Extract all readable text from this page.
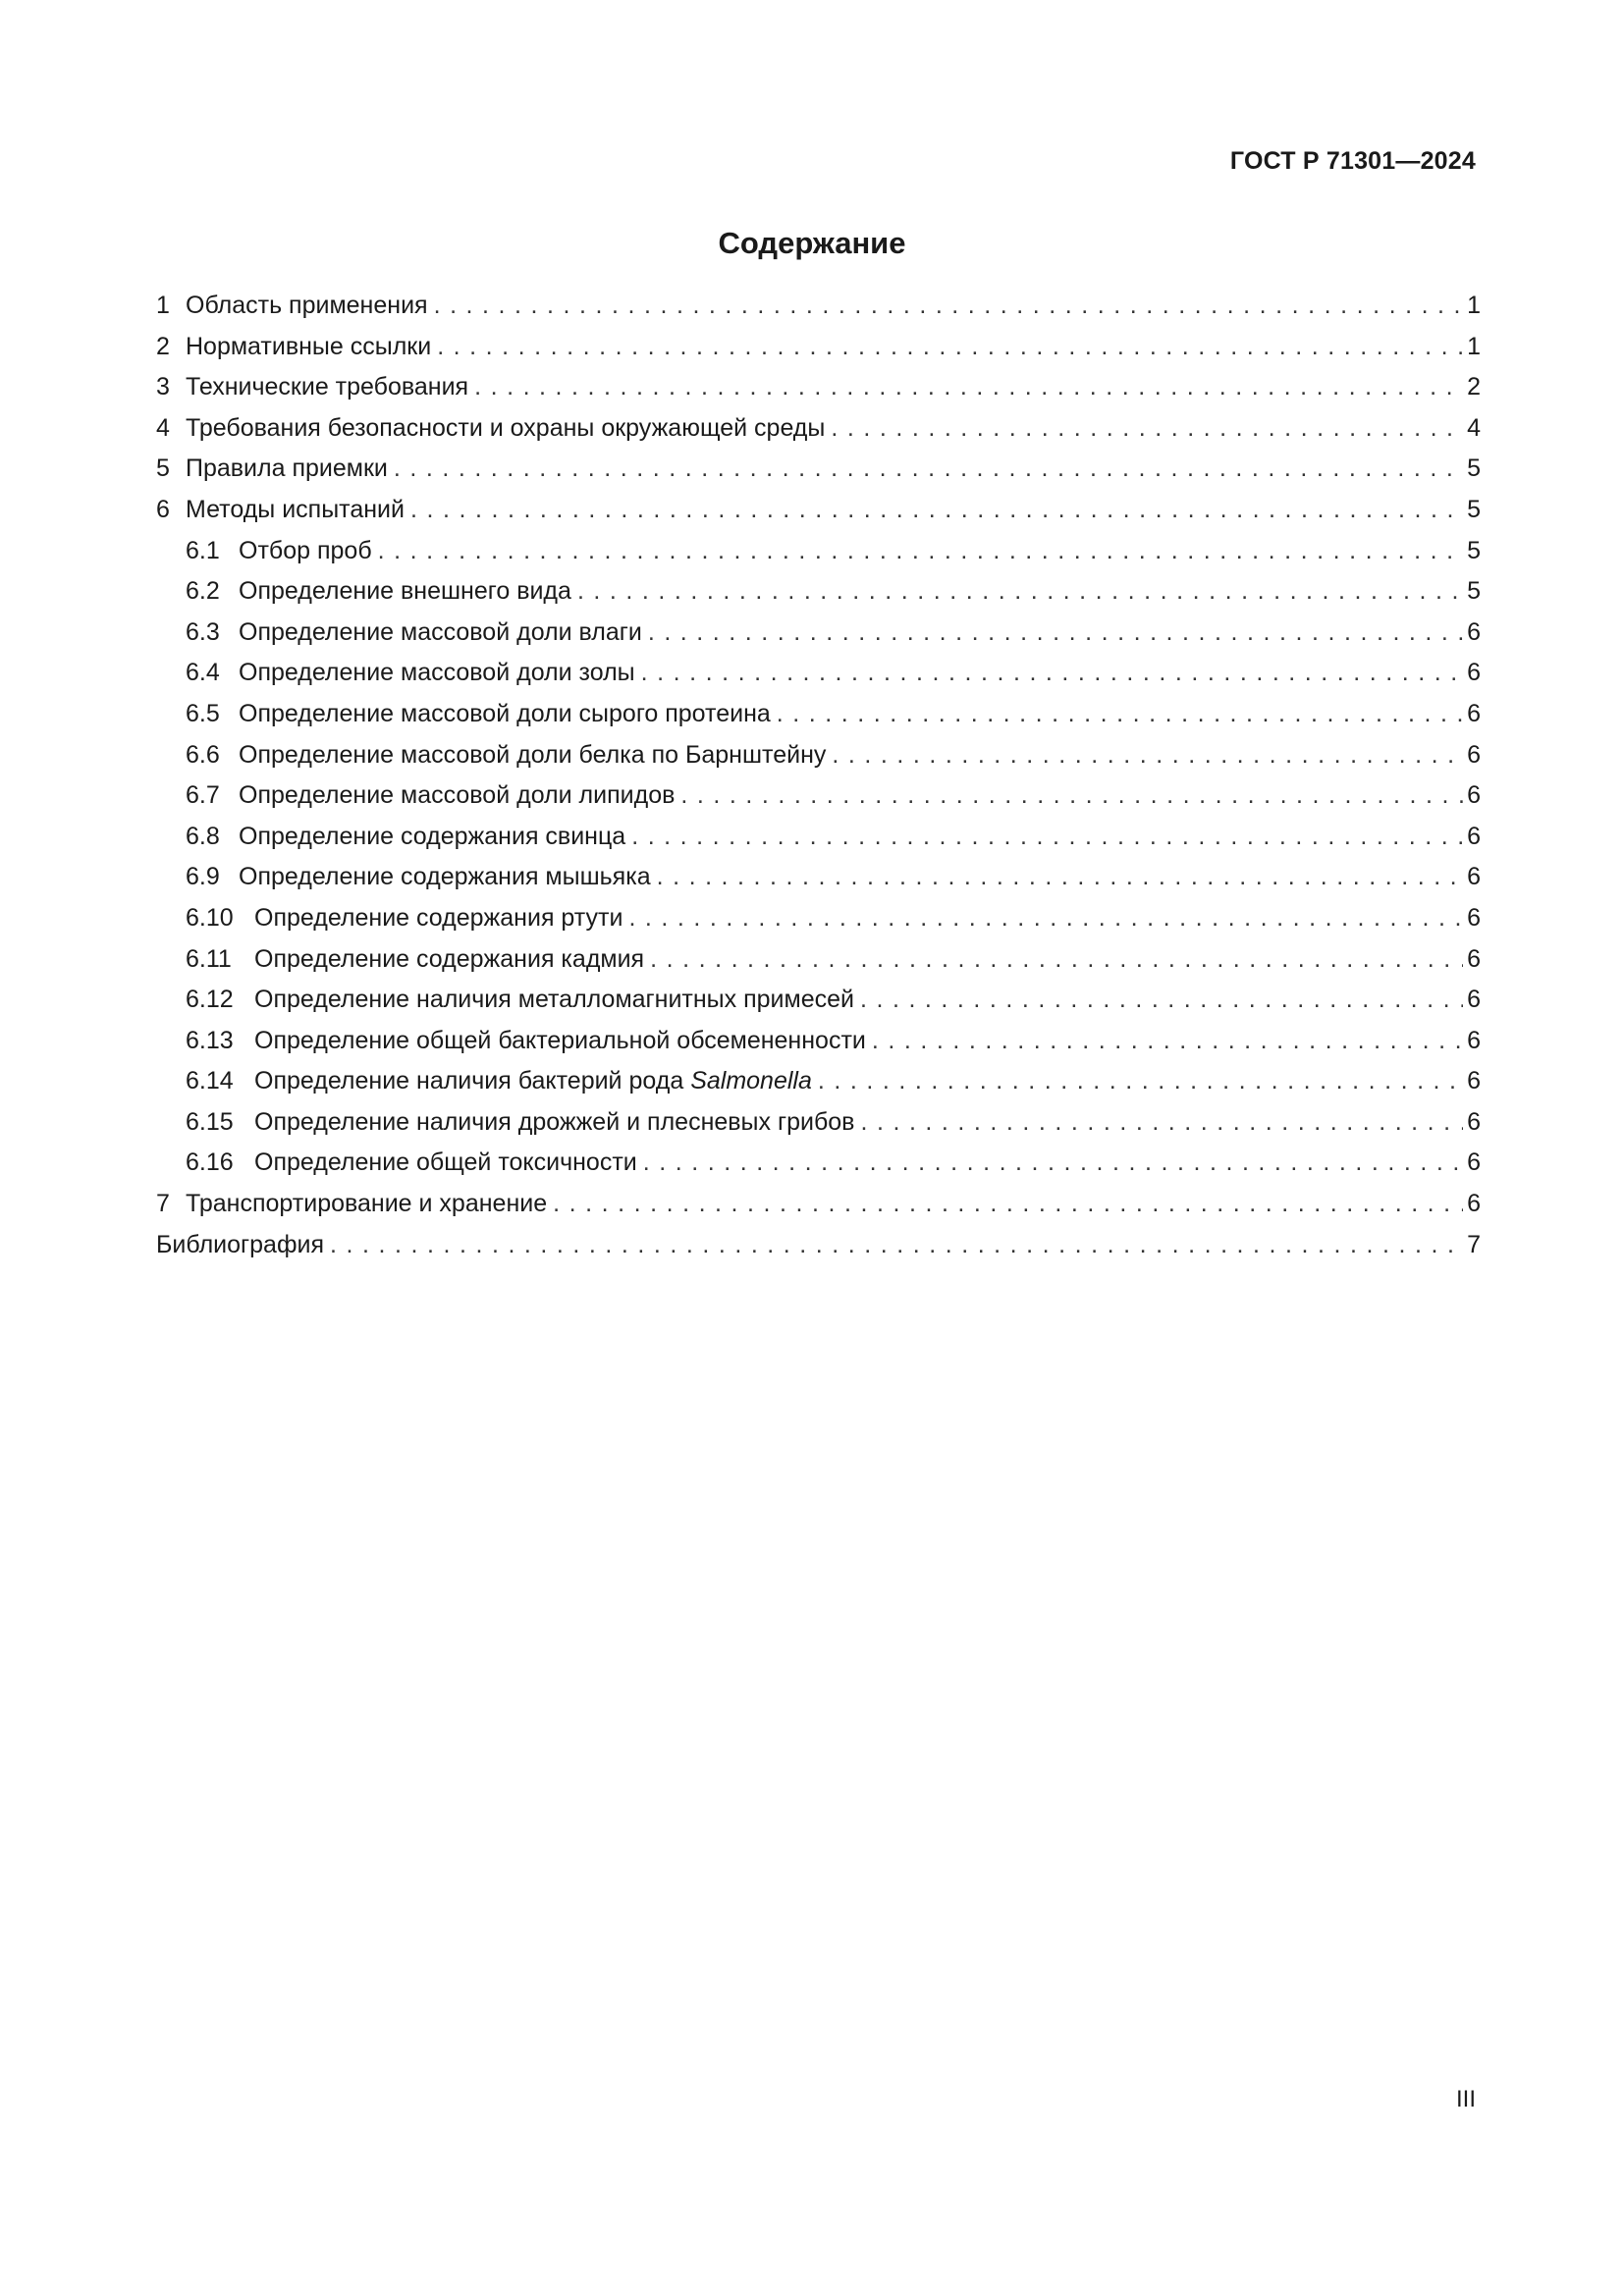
ГОСТ Р 71301—2024
Содержание
1 Область применения . . .	1
2 Нормативные ссылки . . .	1
3 Технические требования . . .	2
4 Требования безопасности и охраны окружающей среды . . .	4
5 Правила приемки . . .	5
6 Методы испытаний . . .	5
6.1 Отбор проб . . .	5
6.2 Определение внешнего вида . . .	5
6.3 Определение массовой доли влаги . . .	6
6.4 Определение массовой доли золы . . .	6
6.5 Определение массовой доли сырого протеина . . .	6
6.6 Определение массовой доли белка по Барнштейну . . .	6
6.7 Определение массовой доли липидов . . .	6
6.8 Определение содержания свинца . . .	6
6.9 Определение содержания мышьяка . . .	6
6.10 Определение содержания ртути . . .	6
6.11 Определение содержания кадмия . . .	6
6.12 Определение наличия металломагнитных примесей . . .	6
6.13 Определение общей бактериальной обсемененности . . .	6
6.14 Определение наличия бактерий рода Salmonella . . .	6
6.15 Определение наличия дрожжей и плесневых грибов . . .	6
6.16 Определение общей токсичности . . .	6
7 Транспортирование и хранение . . .	6
Библиография . . .	7
III
